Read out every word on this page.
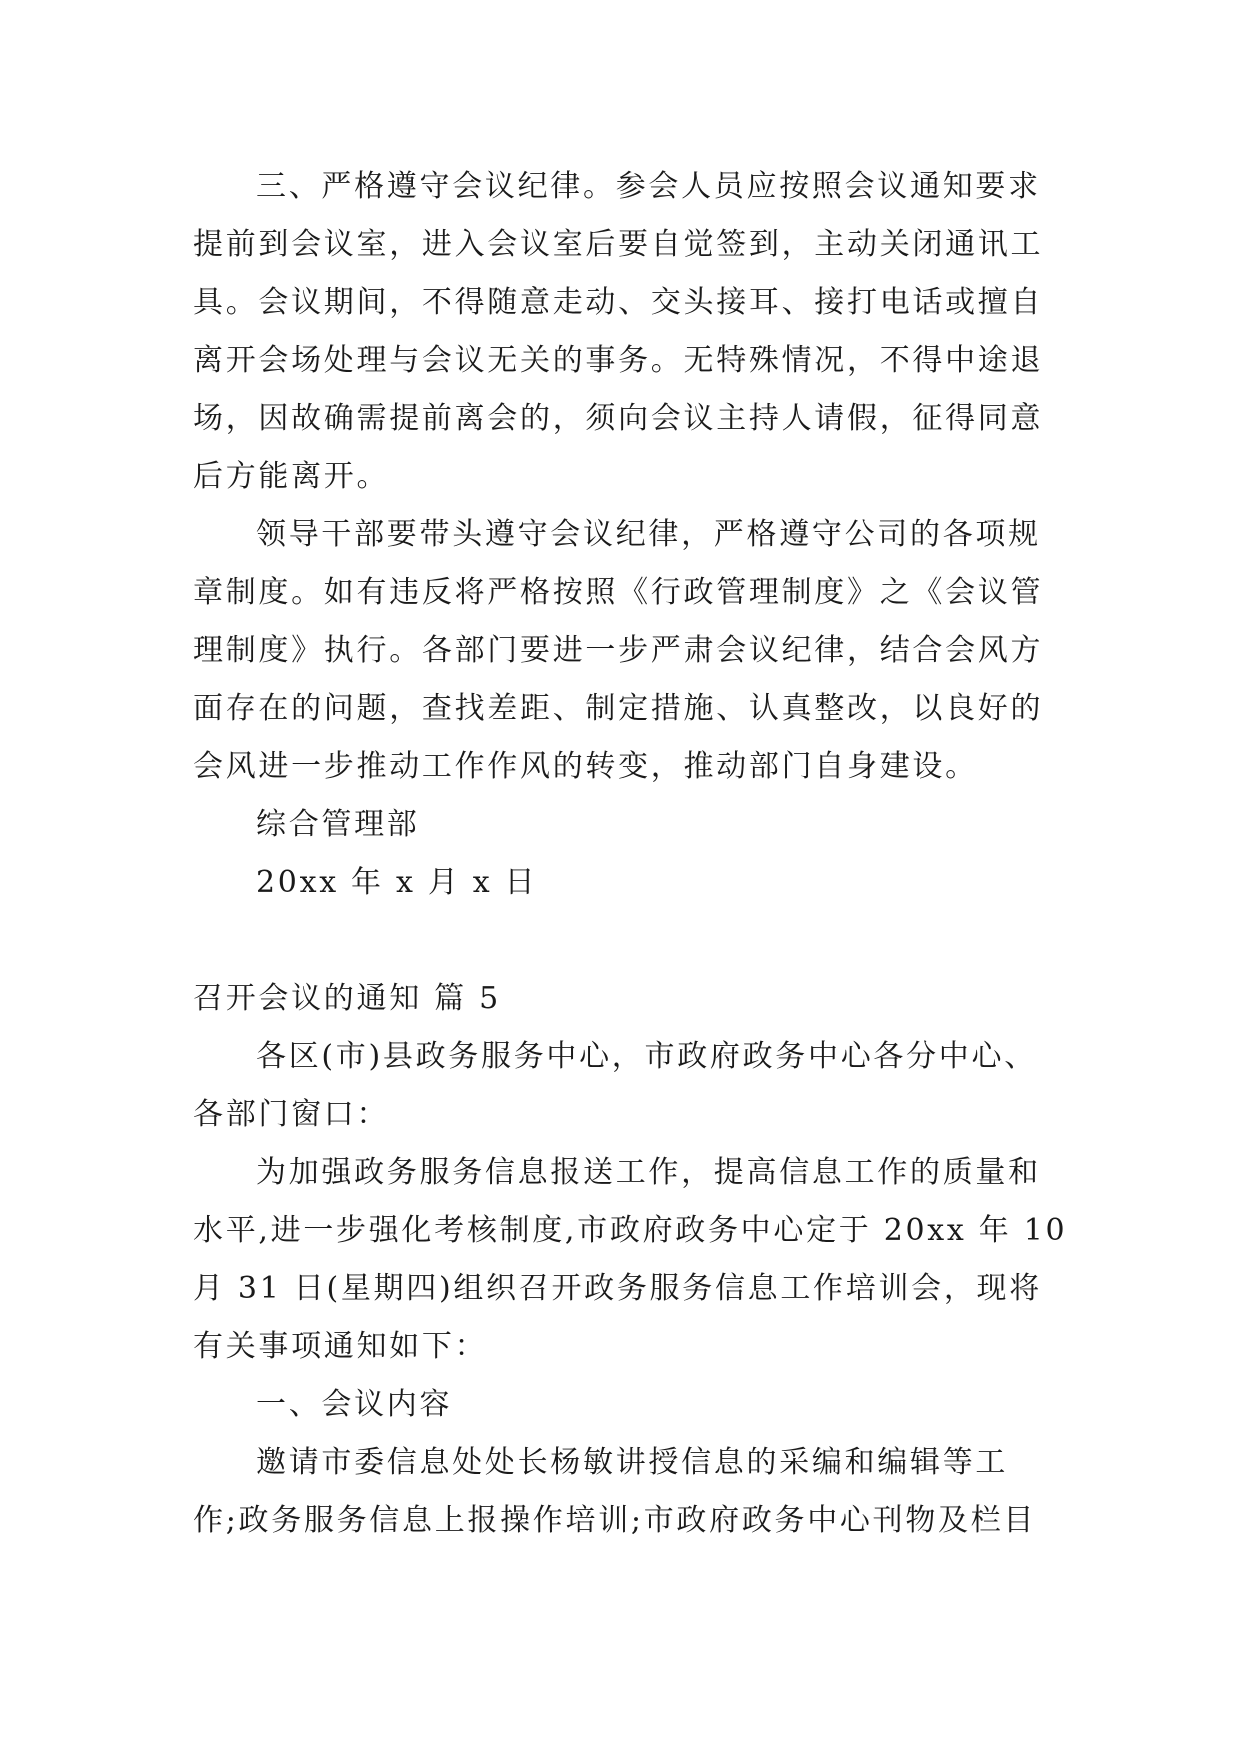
三、严格遵守会议纪律。参会人员应按照会议通知要求
提前到会议室，进入会议室后要自觉签到，主动关闭通讯工
具。会议期间，不得随意走动、交头接耳、接打电话或擅自
离开会场处理与会议无关的事务。无特殊情况，不得中途退
场，因故确需提前离会的，须向会议主持人请假，征得同意
后方能离开。
领导干部要带头遵守会议纪律，严格遵守公司的各项规
章制度。如有违反将严格按照《行政管理制度》之《会议管
理制度》执行。各部门要进一步严肃会议纪律，结合会风方
面存在的问题，查找差距、制定措施、认真整改，以良好的
会风进一步推动工作作风的转变，推动部门自身建设。
综合管理部
20xx 年 x 月 x 日
召开会议的通知 篇 5
各区(市)县政务服务中心，市政府政务中心各分中心、
各部门窗口：
为加强政务服务信息报送工作，提高信息工作的质量和
水平,进一步强化考核制度,市政府政务中心定于 20xx 年 10
月 31 日(星期四)组织召开政务服务信息工作培训会，现将
有关事项通知如下：
一、会议内容
邀请市委信息处处长杨敏讲授信息的采编和编辑等工
作;政务服务信息上报操作培训;市政府政务中心刊物及栏目
